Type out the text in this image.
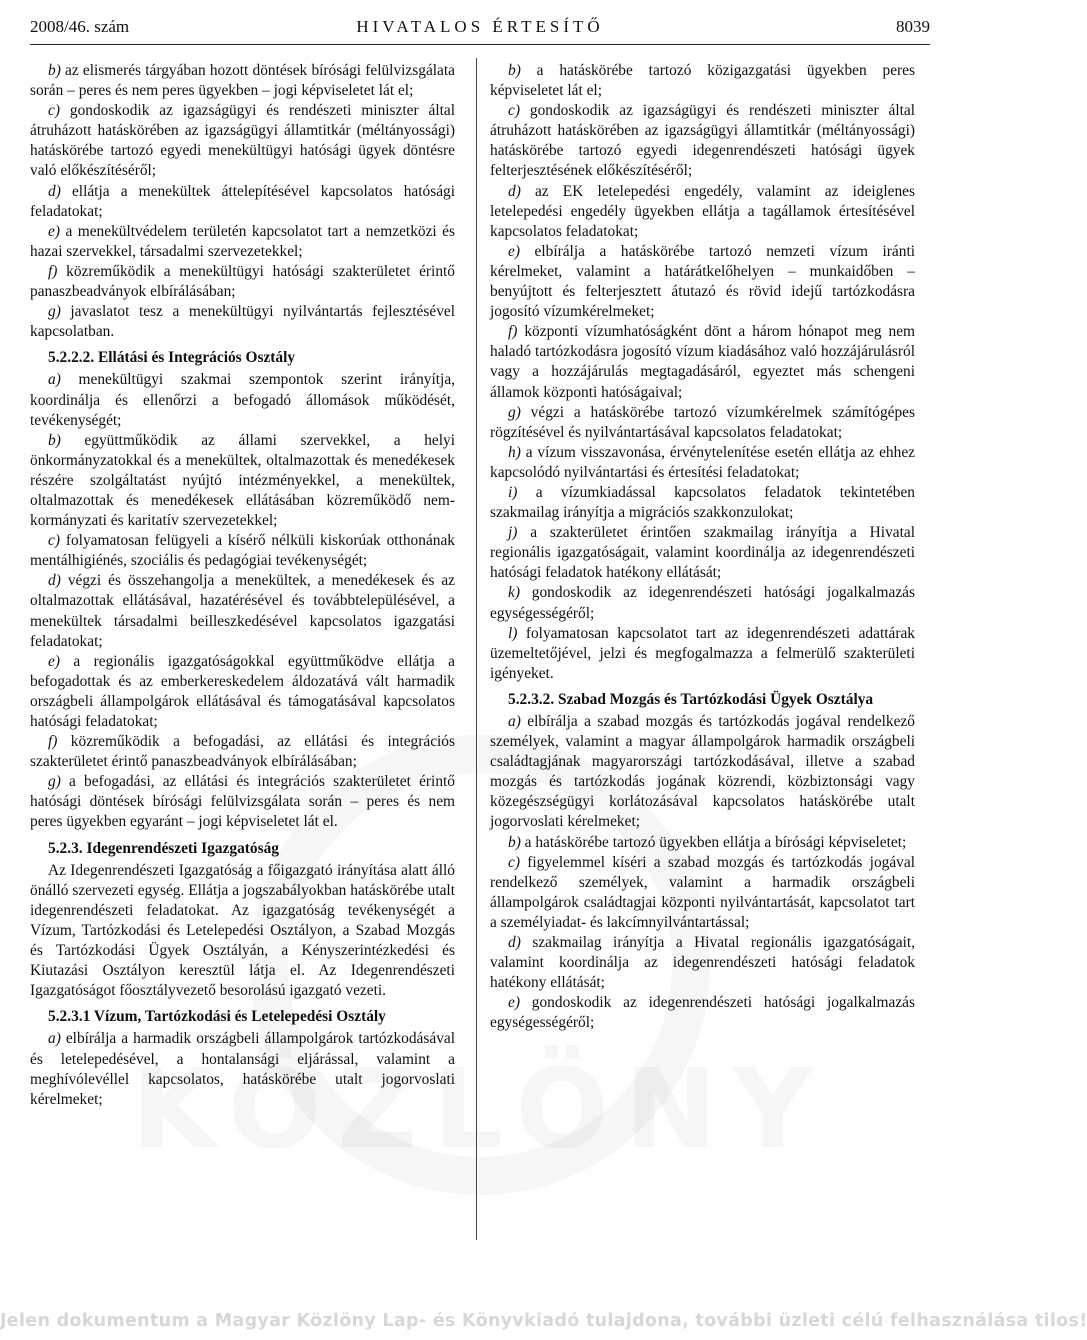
2008/46. szám	HIVATALOS ÉRTESÍTŐ	8039
b) az elismerés tárgyában hozott döntések bírósági felülvizsgálata során – peres és nem peres ügyekben – jogi képviseletet lát el;
c) gondoskodik az igazságügyi és rendészeti miniszter által átruházott hatáskörében az igazságügyi államtitkár (méltányossági) hatáskörébe tartozó egyedi menekültügyi hatósági ügyek döntésre való előkészítéséről;
d) ellátja a menekültek áttelepítésével kapcsolatos hatósági feladatokat;
e) a menekültvédelem területén kapcsolatot tart a nemzetközi és hazai szervekkel, társadalmi szervezetekkel;
f) közreműködik a menekültügyi hatósági szakterületet érintő panaszbeadványok elbírálásában;
g) javaslatot tesz a menekültügyi nyilvántartás fejlesztésével kapcsolatban.
5.2.2.2. Ellátási és Integrációs Osztály
a) menekültügyi szakmai szempontok szerint irányítja, koordinálja és ellenőrzi a befogadó állomások működését, tevékenységét;
b) együttműködik az állami szervekkel, a helyi önkormányzatokkal és a menekültek, oltalmazottak és menedékesek részére szolgáltatást nyújtó intézményekkel, a menekültek, oltalmazottak és menedékesek ellátásában közreműködő nem-kormányzati és karitatív szervezetekkel;
c) folyamatosan felügyeli a kísérő nélküli kiskorúak otthonának mentálhigiénés, szociális és pedagógiai tevékenységét;
d) végzi és összehangolja a menekültek, a menedékesek és az oltalmazottak ellátásával, hazatérésével és továbbtelepülésével, a menekültek társadalmi beilleszkedésével kapcsolatos igazgatási feladatokat;
e) a regionális igazgatóságokkal együttműködve ellátja a befogadottak és az emberkereskedelem áldozatává vált harmadik országbeli állampolgárok ellátásával és támogatásával kapcsolatos hatósági feladatokat;
f) közreműködik a befogadási, az ellátási és integrációs szakterületet érintő panaszbeadványok elbírálásában;
g) a befogadási, az ellátási és integrációs szakterületet érintő hatósági döntések bírósági felülvizsgálata során – peres és nem peres ügyekben egyaránt – jogi képviseletet lát el.
5.2.3. Idegenrendészeti Igazgatóság
Az Idegenrendészeti Igazgatóság a főigazgató irányítása alatt álló önálló szervezeti egység. Ellátja a jogszabályokban hatáskörébe utalt idegenrendészeti feladatokat. Az igazgatóság tevékenységét a Vízum, Tartózkodási és Letelepedési Osztályon, a Szabad Mozgás és Tartózkodási Ügyek Osztályán, a Kényszerintézkedési és Kiutazási Osztályon keresztül látja el. Az Idegenrendészeti Igazgatóságot főosztályvezető besorolású igazgató vezeti.
5.2.3.1 Vízum, Tartózkodási és Letelepedési Osztály
a) elbírálja a harmadik országbeli állampolgárok tartózkodásával és letelepedésével, a hontalansági eljárással, valamint a meghívólevéllel kapcsolatos, hatáskörébe utalt jogorvoslati kérelmeket;
b) a hatáskörébe tartozó közigazgatási ügyekben peres képviseletet lát el;
c) gondoskodik az igazságügyi és rendészeti miniszter által átruházott hatáskörében az igazságügyi államtitkár (méltányossági) hatáskörébe tartozó egyedi idegenrendészeti hatósági ügyek felterjesztésének előkészítéséről;
d) az EK letelepedési engedély, valamint az ideiglenes letelepedési engedély ügyekben ellátja a tagállamok értesítésével kapcsolatos feladatokat;
e) elbírálja a hatáskörébe tartozó nemzeti vízum iránti kérelmeket, valamint a határátkelőhelyen – munkaidőben – benyújtott és felterjesztett átutazó és rövid idejű tartózkodásra jogosító vízumkérelmeket;
f) központi vízumhatóságként dönt a három hónapot meg nem haladó tartózkodásra jogosító vízum kiadásához való hozzájárulásról vagy a hozzájárulás megtagadásáról, egyeztet más schengeni államok központi hatóságaival;
g) végzi a hatáskörébe tartozó vízumkérelmek számítógépes rögzítésével és nyilvántartásával kapcsolatos feladatokat;
h) a vízum visszavonása, érvénytelenítése esetén ellátja az ehhez kapcsolódó nyilvántartási és értesítési feladatokat;
i) a vízumkiadással kapcsolatos feladatok tekintetében szakmailag irányítja a migrációs szakkonzulokat;
j) a szakterületet érintően szakmailag irányítja a Hivatal regionális igazgatóságait, valamint koordinálja az idegenrendészeti hatósági feladatok hatékony ellátását;
k) gondoskodik az idegenrendészeti hatósági jogalkalmazás egységességéről;
l) folyamatosan kapcsolatot tart az idegenrendészeti adattárak üzemeltetőjével, jelzi és megfogalmazza a felmerülő szakterületi igényeket.
5.2.3.2. Szabad Mozgás és Tartózkodási Ügyek Osztálya
a) elbírálja a szabad mozgás és tartózkodás jogával rendelkező személyek, valamint a magyar állampolgárok harmadik országbeli családtagjának magyarországi tartózkodásával, illetve a szabad mozgás és tartózkodás jogának közrendi, közbiztonsági vagy közegészségügyi korlátozásával kapcsolatos hatáskörébe utalt jogorvoslati kérelmeket;
b) a hatáskörébe tartozó ügyekben ellátja a bírósági képviseletet;
c) figyelemmel kíséri a szabad mozgás és tartózkodás jogával rendelkező személyek, valamint a harmadik országbeli állampolgárok családtagjai központi nyilvántartását, kapcsolatot tart a személyiadat- és lakcímnyilvántartással;
d) szakmailag irányítja a Hivatal regionális igazgatóságait, valamint koordinálja az idegenrendészeti hatósági feladatok hatékony ellátását;
e) gondoskodik az idegenrendészeti hatósági jogalkalmazás egységességéről;
Jelen dokumentum a Magyar Közlöny Lap- és Könyvkiadó tulajdona, további üzleti célú felhasználása tilos!
